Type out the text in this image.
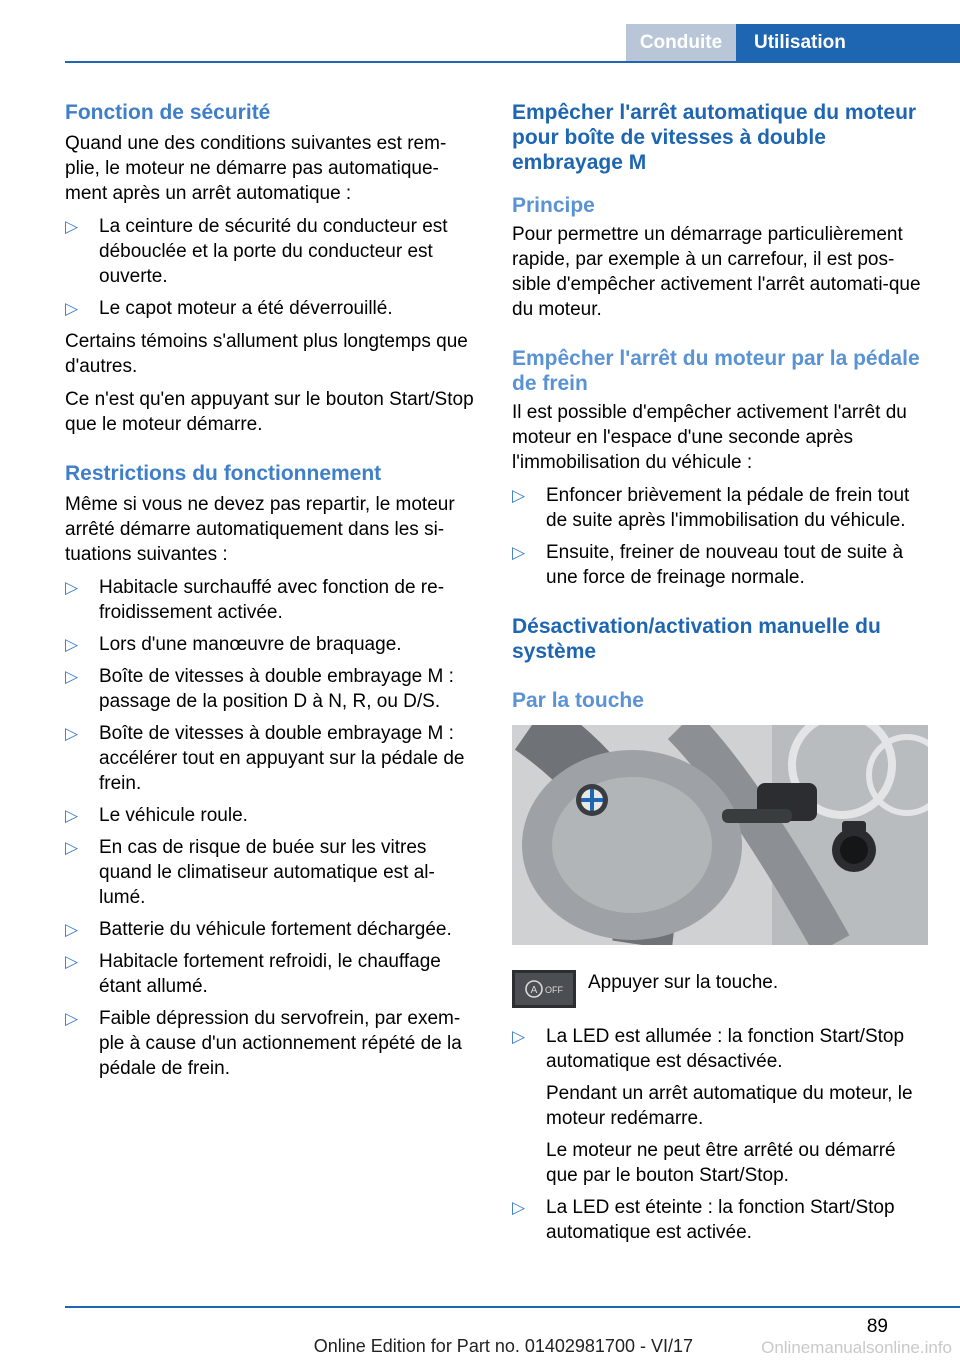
Conduite	Utilisation
Fonction de sécurité

Quand une des conditions suivantes est rem-plie, le moteur ne démarre pas automatique-ment après un arrêt automatique :

▷ La ceinture de sécurité du conducteur est débouclée et la porte du conducteur est ouverte.
▷ Le capot moteur a été déverrouillé.

Certains témoins s'allument plus longtemps que d'autres.

Ce n'est qu'en appuyant sur le bouton Start/Stop que le moteur démarre.

Restrictions du fonctionnement

Même si vous ne devez pas repartir, le moteur arrêté démarre automatiquement dans les si-tuations suivantes :

▷ Habitacle surchauffé avec fonction de re-froidissement activée.
▷ Lors d'une manœuvre de braquage.
▷ Boîte de vitesses à double embrayage M : passage de la position D à N, R, ou D/S.
▷ Boîte de vitesses à double embrayage M : accélérer tout en appuyant sur la pédale de frein.
▷ Le véhicule roule.
▷ En cas de risque de buée sur les vitres quand le climatiseur automatique est al-lumé.
▷ Batterie du véhicule fortement déchargée.
▷ Habitacle fortement refroidi, le chauffage étant allumé.
▷ Faible dépression du servofrein, par exem-ple à cause d'un actionnement répété de la pédale de frein.
Empêcher l'arrêt automatique du moteur pour boîte de vitesses à double embrayage M
Principe

Pour permettre un démarrage particulièrement rapide, par exemple à un carrefour, il est pos-sible d'empêcher activement l'arrêt automati-que du moteur.

Empêcher l'arrêt du moteur par la pédale de frein

Il est possible d'empêcher activement l'arrêt du moteur en l'espace d'une seconde après l'immobilisation du véhicule :

▷ Enfoncer brièvement la pédale de frein tout de suite après l'immobilisation du véhicule.
▷ Ensuite, freiner de nouveau tout de suite à une force de freinage normale.
Désactivation/activation manuelle du système
Par la touche
A OFF Appuyer sur la touche.
▷ La LED est allumée : la fonction Start/Stop automatique est désactivée.

Pendant un arrêt automatique du moteur, le moteur redémarre.

Le moteur ne peut être arrêté ou démarré que par le bouton Start/Stop.

▷ La LED est éteinte : la fonction Start/Stop automatique est activée.
89
Online Edition for Part no. 01402981700 - VI/17	Onlinemanualsonline.info
